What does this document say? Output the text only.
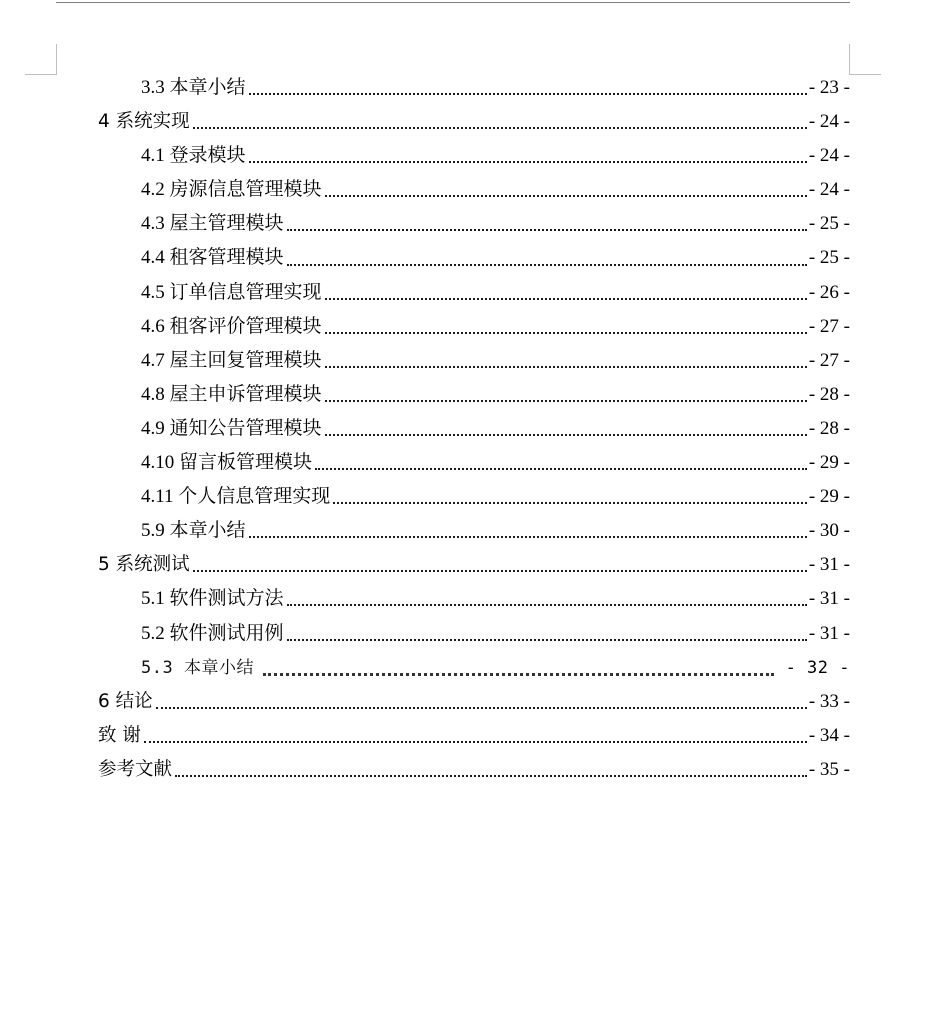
3.3 本章小结	- 23 -
4 系统实现	- 24 -
4.1 登录模块	- 24 -
4.2 房源信息管理模块	- 24 -
4.3 屋主管理模块	- 25 -
4.4 租客管理模块	- 25 -
4.5 订单信息管理实现	- 26 -
4.6 租客评价管理模块	- 27 -
4.7 屋主回复管理模块	- 27 -
4.8 屋主申诉管理模块	- 28 -
4.9 通知公告管理模块	- 28 -
4.10 留言板管理模块	- 29 -
4.11 个人信息管理实现	- 29 -
5.9 本章小结	- 30 -
5 系统测试	- 31 -
5.1 软件测试方法	- 31 -
5.2 软件测试用例	- 31 -
5.3 本章小结	- 32 -
6 结论	- 33 -
致 谢	- 34 -
参考文献	- 35 -
